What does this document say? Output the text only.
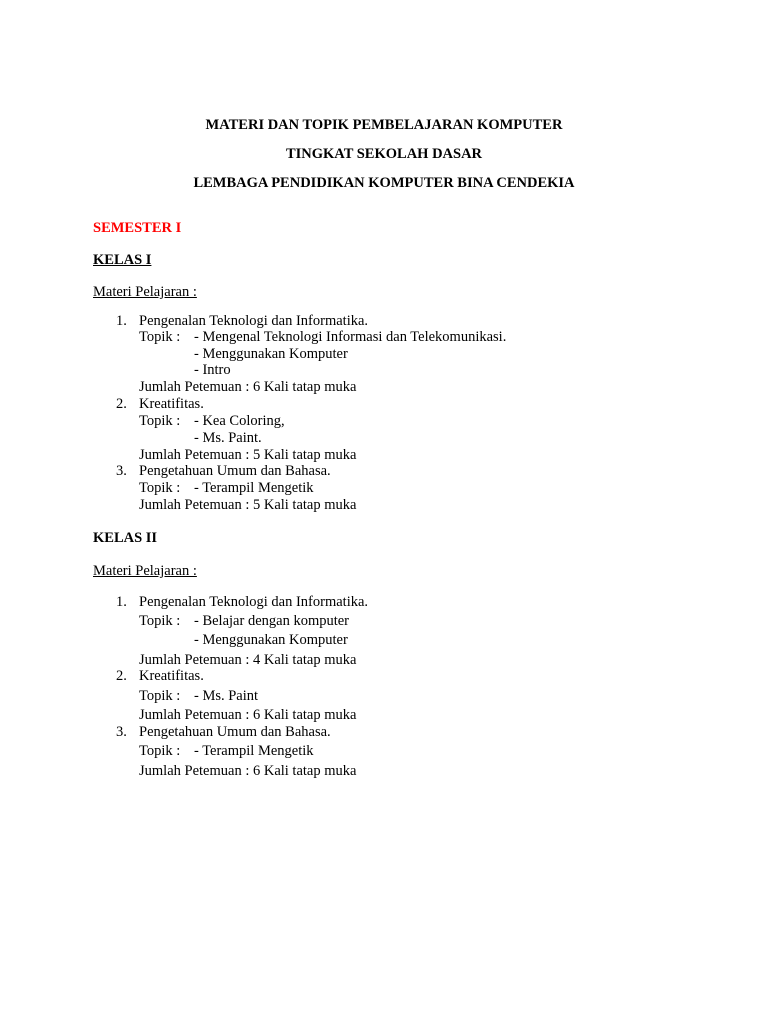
MATERI DAN TOPIK PEMBELAJARAN KOMPUTER
TINGKAT SEKOLAH DASAR
LEMBAGA PENDIDIKAN KOMPUTER BINA CENDEKIA
SEMESTER I
KELAS I
Materi Pelajaran :
1. Pengenalan Teknologi dan Informatika.
Topik : - Mengenal Teknologi Informasi dan Telekomunikasi.
- Menggunakan Komputer
- Intro
Jumlah Petemuan : 6 Kali tatap muka
2. Kreatifitas.
Topik : - Kea Coloring,
- Ms. Paint.
Jumlah Petemuan : 5 Kali tatap muka
3. Pengetahuan Umum dan Bahasa.
Topik : - Terampil Mengetik
Jumlah Petemuan : 5 Kali tatap muka
KELAS II
Materi Pelajaran :
1. Pengenalan Teknologi dan Informatika.
Topik : - Belajar dengan komputer
- Menggunakan Komputer
Jumlah Petemuan : 4 Kali tatap muka
2. Kreatifitas.
Topik : - Ms. Paint
Jumlah Petemuan : 6 Kali tatap muka
3. Pengetahuan Umum dan Bahasa.
Topik : - Terampil Mengetik
Jumlah Petemuan : 6 Kali tatap muka
